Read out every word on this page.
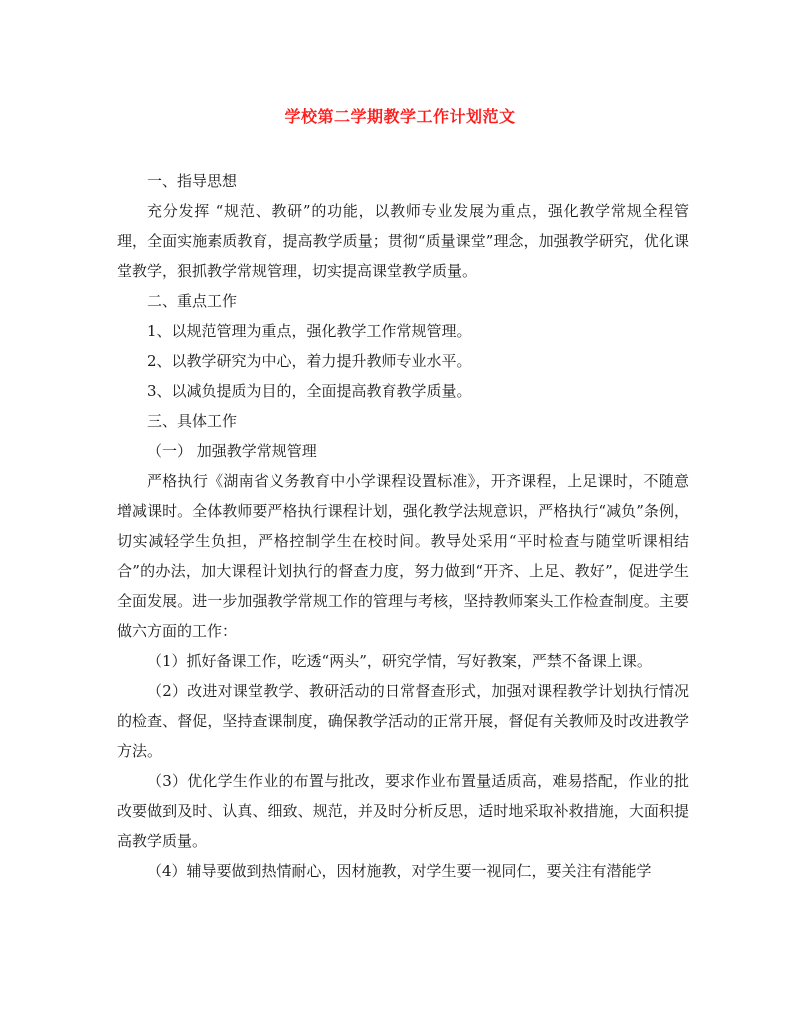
学校第二学期教学工作计划范文

一、指导思想

充分发挥 “规范、教研”的功能，以教师专业发展为重点，强化教学常规全程管理，全面实施素质教育，提高教学质量；贯彻“质量课堂”理念，加强教学研究，优化课堂教学，狠抓教学常规管理，切实提高课堂教学质量。

二、重点工作

1、以规范管理为重点，强化教学工作常规管理。

2、以教学研究为中心，着力提升教师专业水平。

3、以减负提质为目的，全面提高教育教学质量。

三、具体工作

（一） 加强教学常规管理

严格执行《湖南省义务教育中小学课程设置标准》，开齐课程，上足课时，不随意增减课时。全体教师要严格执行课程计划，强化教学法规意识，严格执行“减负”条例，切实减轻学生负担，严格控制学生在校时间。教导处采用“平时检查与随堂听课相结合”的办法，加大课程计划执行的督查力度，努力做到“开齐、上足、教好”，促进学生全面发展。进一步加强教学常规工作的管理与考核，坚持教师案头工作检查制度。主要做六方面的工作：

（1）抓好备课工作，吃透“两头”，研究学情，写好教案，严禁不备课上课。

（2）改进对课堂教学、教研活动的日常督查形式，加强对课程教学计划执行情况的检查、督促，坚持查课制度，确保教学活动的正常开展，督促有关教师及时改进教学方法。

（3）优化学生作业的布置与批改，要求作业布置量适质高，难易搭配，作业的批改要做到及时、认真、细致、规范，并及时分析反思，适时地采取补救措施，大面积提高教学质量。

（4）辅导要做到热情耐心，因材施教，对学生要一视同仁，要关注有潜能学
